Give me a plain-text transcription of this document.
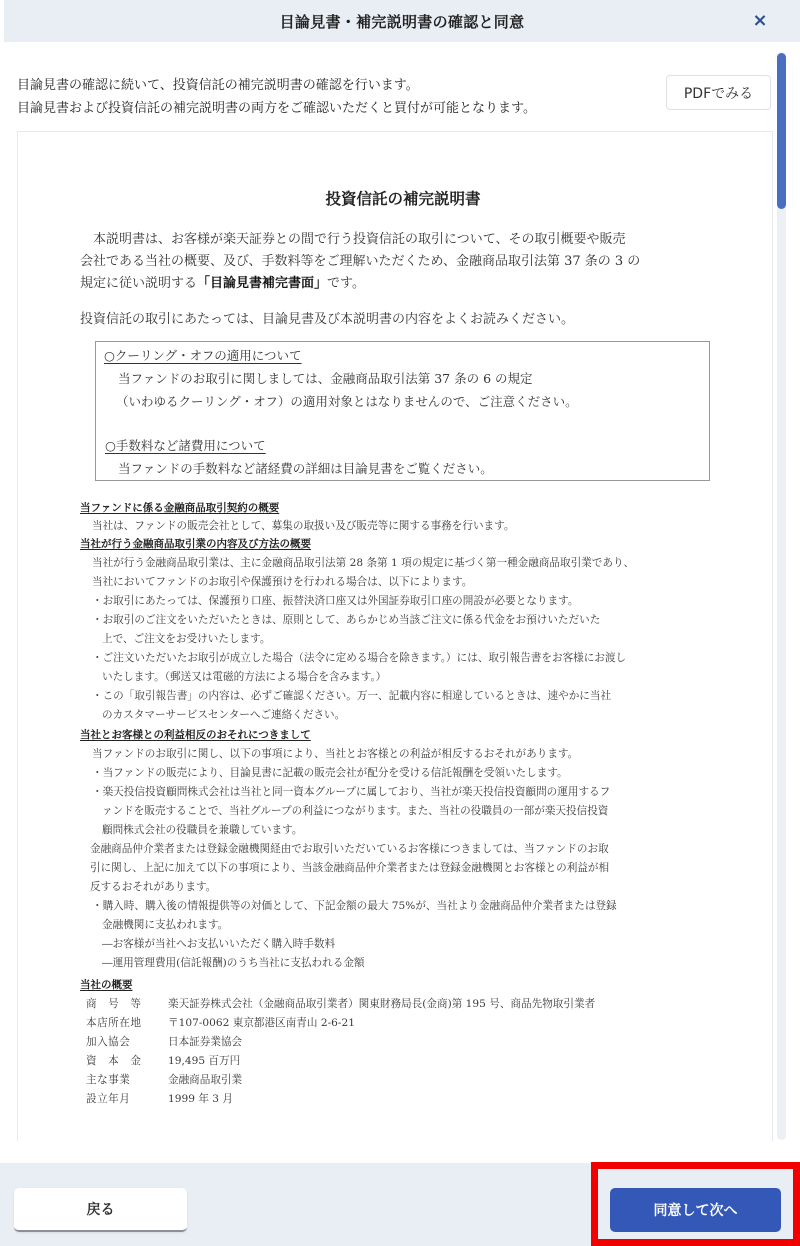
目論見書・補完説明書の確認と同意	×
目論見書の確認に続いて、投資信託の補完説明書の確認を行います。
目論見書および投資信託の補完説明書の両方をご確認いただくと買付が可能となります。
PDFでみる
投資信託の補完説明書
本説明書は、お客様が楽天証券との間で行う投資信託の取引について、その取引概要や販売
会社である当社の概要、及び、手数料等をご理解いただくため、金融商品取引法第 37 条の 3 の
規定に従い説明する「目論見書補完書面」です。
投資信託の取引にあたっては、目論見書及び本説明書の内容をよくお読みください。
○クーリング・オフの適用について
当ファンドのお取引に関しましては、金融商品取引法第 37 条の 6 の規定
（いわゆるクーリング・オフ）の適用対象とはなりませんので、ご注意ください。
○手数料など諸費用について
当ファンドの手数料など諸経費の詳細は目論見書をご覧ください。
当ファンドに係る金融商品取引契約の概要
当社は、ファンドの販売会社として、募集の取扱い及び販売等に関する事務を行います。
当社が行う金融商品取引業の内容及び方法の概要
当社が行う金融商品取引業は、主に金融商品取引法第 28 条第 1 項の規定に基づく第一種金融商品取引業であり、
当社においてファンドのお取引や保護預けを行われる場合は、以下によります。
・お取引にあたっては、保護預り口座、振替決済口座又は外国証券取引口座の開設が必要となります。
・お取引のご注文をいただいたときは、原則として、あらかじめ当該ご注文に係る代金をお預けいただいた
上で、ご注文をお受けいたします。
・ご注文いただいたお取引が成立した場合（法令に定める場合を除きます。）には、取引報告書をお客様にお渡し
いたします。（郵送又は電磁的方法による場合を含みます。）
・この「取引報告書」の内容は、必ずご確認ください。万一、記載内容に相違しているときは、速やかに当社
のカスタマーサービスセンターへご連絡ください。
当社とお客様との利益相反のおそれにつきまして
当ファンドのお取引に関し、以下の事項により、当社とお客様との利益が相反するおそれがあります。
・当ファンドの販売により、目論見書に記載の販売会社が配分を受ける信託報酬を受領いたします。
・楽天投信投資顧問株式会社は当社と同一資本グループに属しており、当社が楽天投信投資顧問の運用するフ
ァンドを販売することで、当社グループの利益につながります。また、当社の役職員の一部が楽天投信投資
顧問株式会社の役職員を兼職しています。
金融商品仲介業者または登録金融機関経由でお取引いただいているお客様につきましては、当ファンドのお取
引に関し、上記に加えて以下の事項により、当該金融商品仲介業者または登録金融機関とお客様との利益が相
反するおそれがあります。
・購入時、購入後の情報提供等の対価として、下記金額の最大 75%が、当社より金融商品仲介業者または登録
金融機関に支払われます。
―お客様が当社へお支払いいただく購入時手数料
―運用管理費用(信託報酬)のうち当社に支払われる金額
当社の概要
商　号　等	楽天証券株式会社（金融商品取引業者）関東財務局長(金商)第 195 号、商品先物取引業者
本店所在地	〒107-0062 東京都港区南青山 2-6-21
加入協会	日本証券業協会
資　本　金	19,495 百万円
主な事業	金融商品取引業
設立年月	1999 年 3 月
戻る	同意して次へ
